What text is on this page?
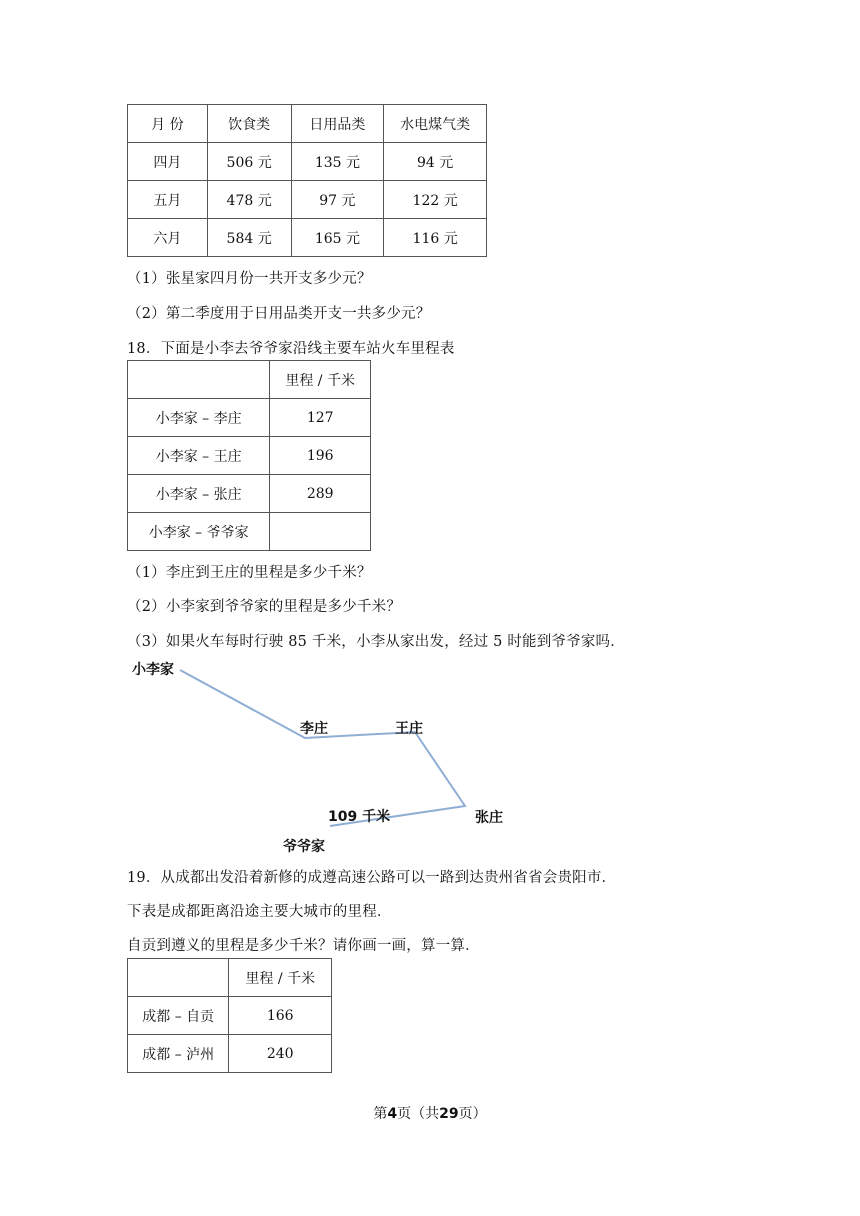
月 份	饮食类	日用品类	水电煤气类
四月	506 元	135 元	94 元
五月	478 元	97 元	122 元
六月	584 元	165 元	116 元
（1）张星家四月份一共开支多少元？
（2）第二季度用于日用品类开支一共多少元？
18．下面是小李去爷爷家沿线主要车站火车里程表
	里程 / 千米
小李家 – 李庄	127
小李家 – 王庄	196
小李家 – 张庄	289
小李家 – 爷爷家	
（1）李庄到王庄的里程是多少千米？
（2）小李家到爷爷家的里程是多少千米？
（3）如果火车每时行驶 85 千米，小李从家出发，经过 5 时能到爷爷家吗．
小李家
李庄	王庄
张庄
109 千米
爷爷家
19．从成都出发沿着新修的成遵高速公路可以一路到达贵州省省会贵阳市．
下表是成都距离沿途主要大城市的里程．
自贡到遵义的里程是多少千米？请你画一画，算一算．
	里程 / 千米
成都 – 自贡	166
成都 – 泸州	240
第4页（共29页）
